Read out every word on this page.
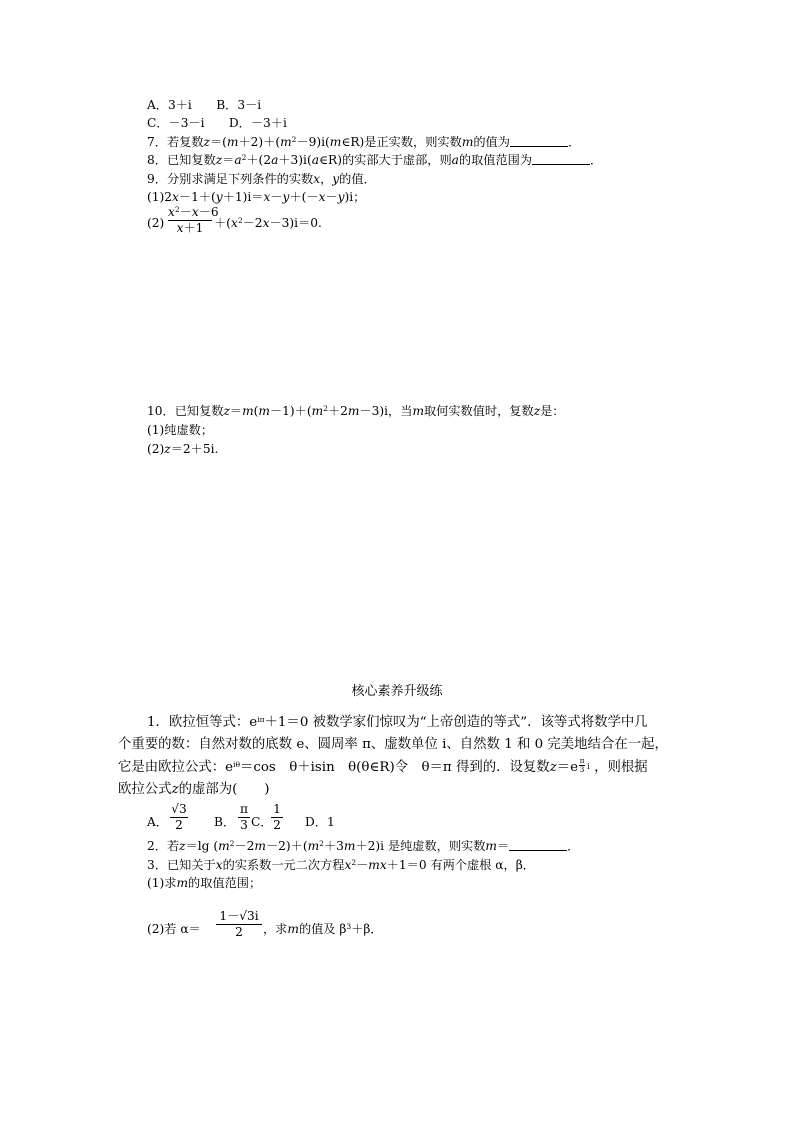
A．3＋i　　B．3－i
C．－3－i　　D．－3＋i
7．若复数$z=(m+2)+(m^2-9)i(m\in R)$是正实数，则实数m的值为	．
8．已知复数$z=a^2+(2a+3)i(a\in R)$的实部大于虚部，则a的取值范围为	．
9．分别求满足下列条件的实数x，y的值．
(1)2x－1＋(y＋1)i＝x－y＋(－x－y)i；
(2)
$x^2-x-6$
$x+1 +(x^2-2x-3)i=0$.
10．已知复数$z=m(m-1)+(m^2+2m-3)i$，当m取何实数值时，复数z是：
(1)纯虚数；
(2)z＝2＋5i.
核心素养升级练
1．欧拉恒等式：$e^{i\pi}+1=0$ 被数学家们惊叹为“上帝创造的等式”．该等式将数学中几
个重要的数：自然对数的底数 e、圆周率 π、虚数单位 i、自然数 1 和 0 完美地结合在一起，
它是由欧拉公式：$e^{i\theta}=\cos$　θ＋isin　θ(θ∈R)令　θ＝π 得到的．设复数z＝e π
3 i ，则根据
欧拉公式z的虚部为(　　)
A．
√3
2	B．
π
3 C．
1
2 D．1
2．若z＝lg $(m^2-2m-2)+(m^2+3m+2)i$ 是纯虚数，则实数m＝	．
3．已知关于x的实系数一元二次方程$x^2-mx+1=0$ 有两个虚根 α，β．
(1)求m的取值范围；
(2)若 α＝
1－√3i
2	，求m的值及 $\beta^3+\beta$．
